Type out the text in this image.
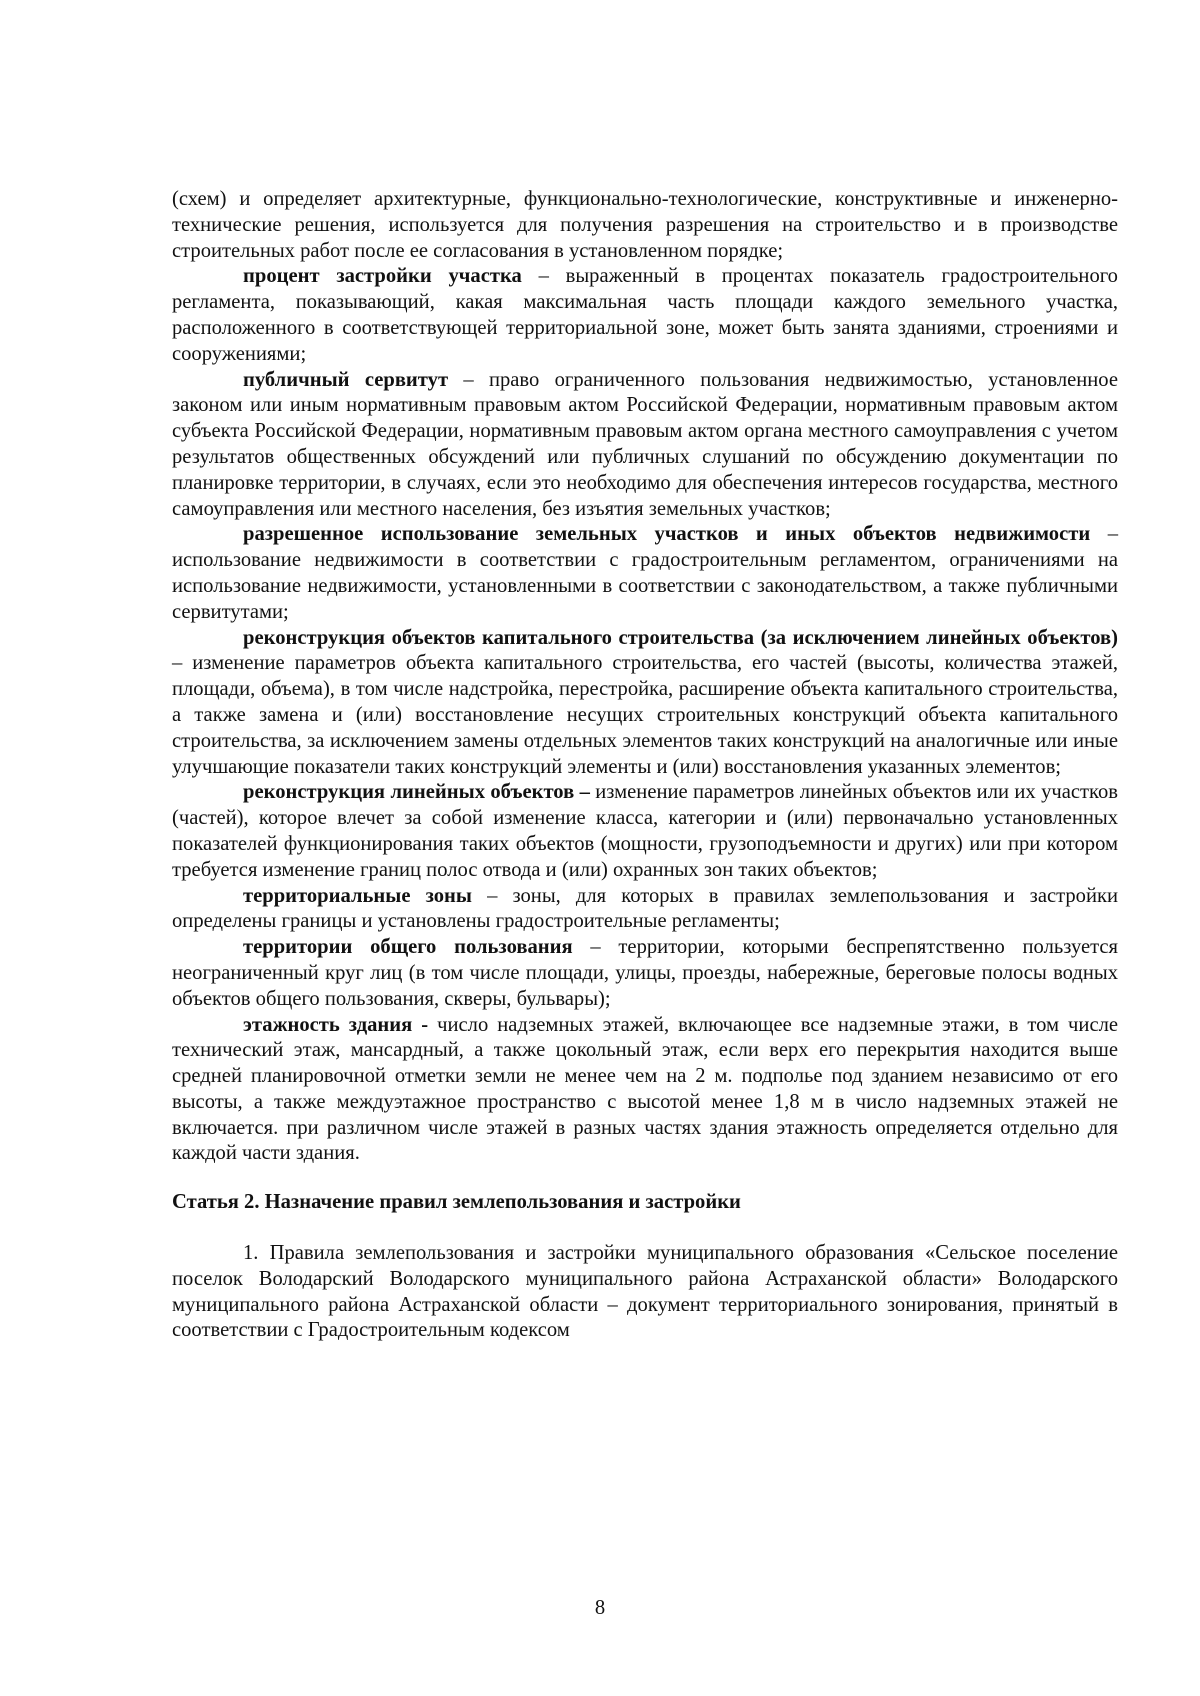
(схем) и определяет архитектурные, функционально-технологические, конструктивные и инженерно-технические решения, используется для получения разрешения на строительство и в производстве строительных работ после ее согласования в установленном порядке;

процент застройки участка – выраженный в процентах показатель градостроительного регламента, показывающий, какая максимальная часть площади каждого земельного участка, расположенного в соответствующей территориальной зоне, может быть занята зданиями, строениями и сооружениями;

публичный сервитут – право ограниченного пользования недвижимостью, установленное законом или иным нормативным правовым актом Российской Федерации, нормативным правовым актом субъекта Российской Федерации, нормативным правовым актом органа местного самоуправления с учетом результатов общественных обсуждений или публичных слушаний по обсуждению документации по планировке территории, в случаях, если это необходимо для обеспечения интересов государства, местного самоуправления или местного населения, без изъятия земельных участков;

разрешенное использование земельных участков и иных объектов недвижимости – использование недвижимости в соответствии с градостроительным регламентом, ограничениями на использование недвижимости, установленными в соответствии с законодательством, а также публичными сервитутами;

реконструкция объектов капитального строительства (за исключением линейных объектов) – изменение параметров объекта капитального строительства, его частей (высоты, количества этажей, площади, объема), в том числе надстройка, перестройка, расширение объекта капитального строительства, а также замена и (или) восстановление несущих строительных конструкций объекта капитального строительства, за исключением замены отдельных элементов таких конструкций на аналогичные или иные улучшающие показатели таких конструкций элементы и (или) восстановления указанных элементов;

реконструкция линейных объектов – изменение параметров линейных объектов или их участков (частей), которое влечет за собой изменение класса, категории и (или) первоначально установленных показателей функционирования таких объектов (мощности, грузоподъемности и других) или при котором требуется изменение границ полос отвода и (или) охранных зон таких объектов;

территориальные зоны – зоны, для которых в правилах землепользования и застройки определены границы и установлены градостроительные регламенты;

территории общего пользования – территории, которыми беспрепятственно пользуется неограниченный круг лиц (в том числе площади, улицы, проезды, набережные, береговые полосы водных объектов общего пользования, скверы, бульвары);

этажность здания - число надземных этажей, включающее все надземные этажи, в том числе технический этаж, мансардный, а также цокольный этаж, если верх его перекрытия находится выше средней планировочной отметки земли не менее чем на 2 м. подполье под зданием независимо от его высоты, а также междуэтажное пространство с высотой менее 1,8 м в число надземных этажей не включается. при различном числе этажей в разных частях здания этажность определяется отдельно для каждой части здания.

Статья 2. Назначение правил землепользования и застройки

1. Правила землепользования и застройки муниципального образования «Сельское поселение поселок Володарский Володарского муниципального района Астраханской области» Володарского муниципального района Астраханской области – документ территориального зонирования, принятый в соответствии с Градостроительным кодексом

8
